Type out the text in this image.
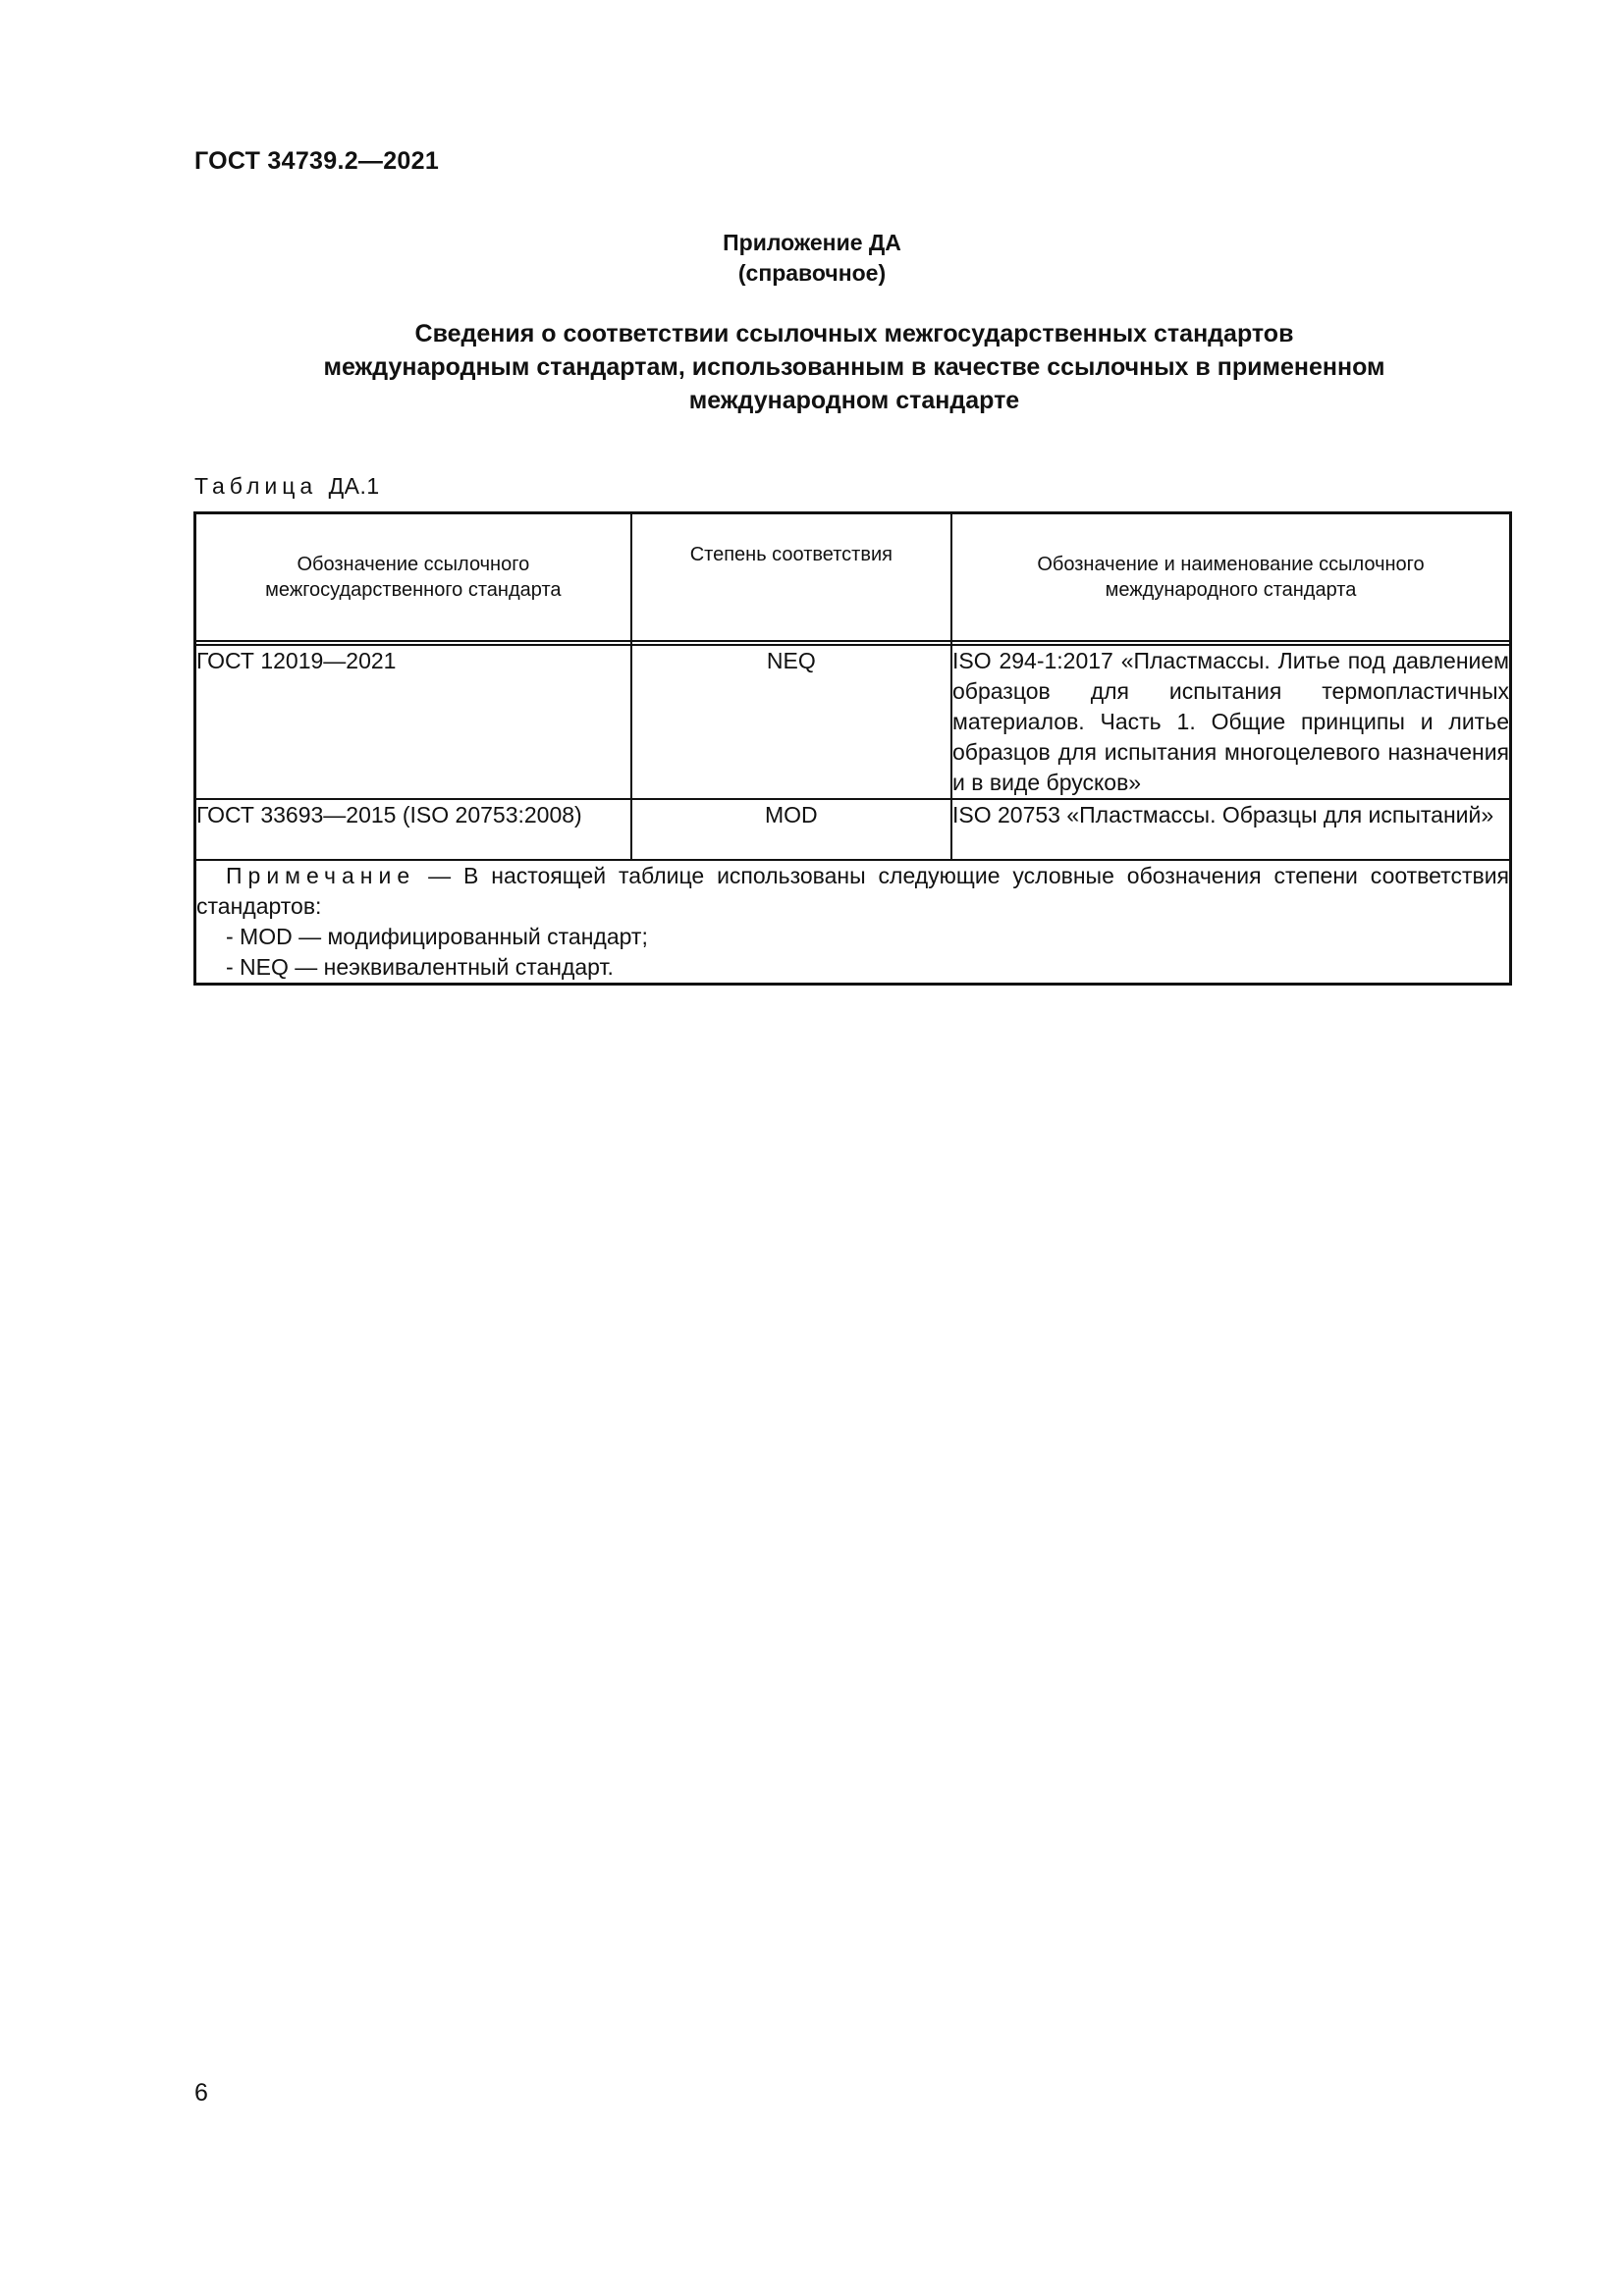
ГОСТ 34739.2—2021
Приложение ДА
(справочное)
Сведения о соответствии ссылочных межгосударственных стандартов
международным стандартам, использованным в качестве ссылочных в примененном
международном стандарте
Таблица ДА.1
Обозначение ссылочного межгосударственного стандарта	Степень соответствия	Обозначение и наименование ссылочного международного стандарта

ГОСТ 12019—2021	NEQ	ISO 294-1:2017 «Пластмассы. Литье под давлением образцов для испытания термопластичных материалов. Часть 1. Общие принципы и литье образцов для испытания многоцелевого назначения и в виде брусков»
ГОСТ 33693—2015 (ISO 20753:2008)	MOD	ISO 20753 «Пластмассы. Образцы для испытаний»
Примечание — В настоящей таблице использованы следующие условные обозначения степени соответствия стандартов:
- MOD — модифицированный стандарт;
- NEQ — неэквивалентный стандарт.		
6
